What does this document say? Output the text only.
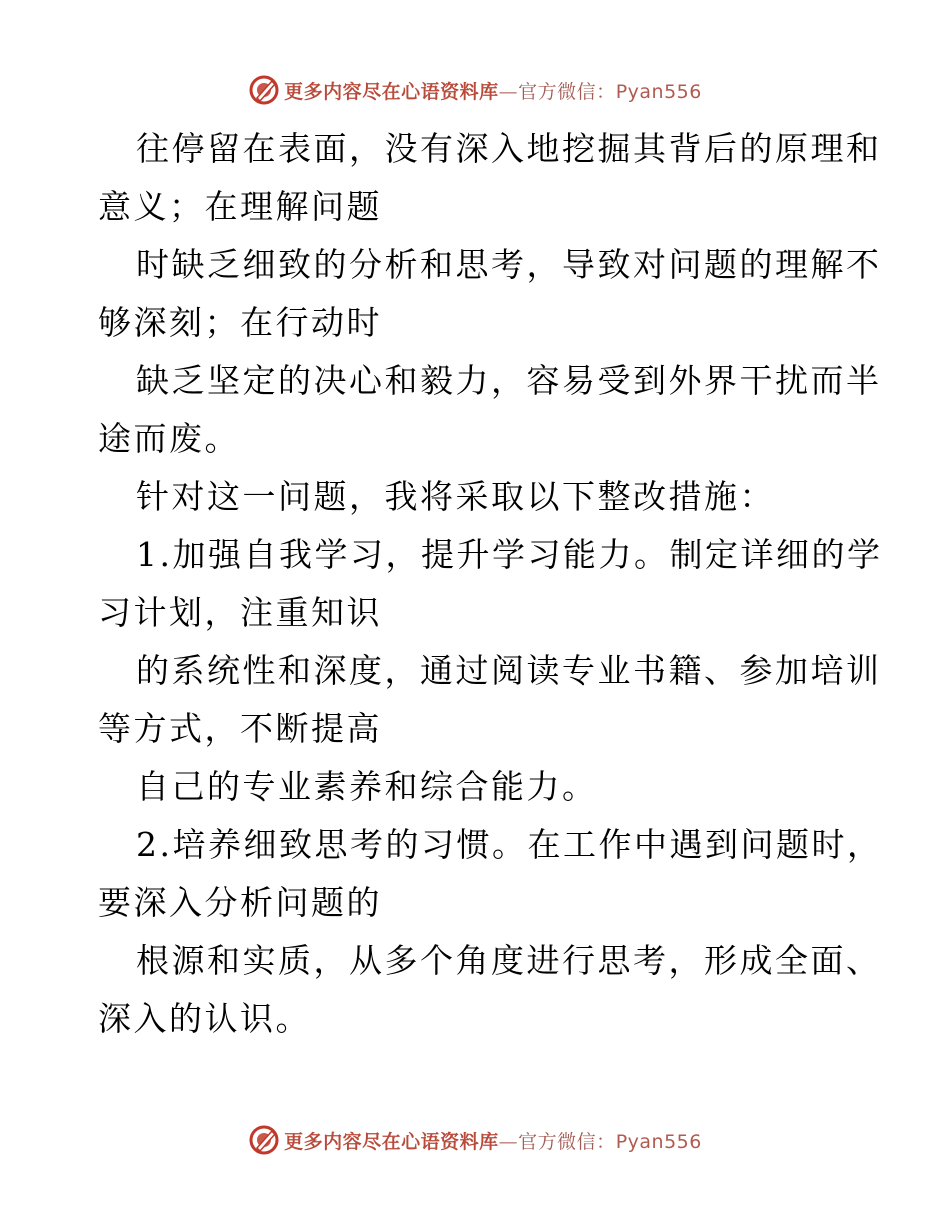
更多内容尽在心语资料库—官方微信：Pyan556
往停留在表面，没有深入地挖掘其背后的原理和
意义；在理解问题
时缺乏细致的分析和思考，导致对问题的理解不
够深刻；在行动时
缺乏坚定的决心和毅力，容易受到外界干扰而半
途而废。
针对这一问题，我将采取以下整改措施：
1.加强自我学习，提升学习能力。制定详细的学
习计划，注重知识
的系统性和深度，通过阅读专业书籍、参加培训
等方式，不断提高
自己的专业素养和综合能力。
2.培养细致思考的习惯。在工作中遇到问题时，
要深入分析问题的
根源和实质，从多个角度进行思考，形成全面、
深入的认识。
更多内容尽在心语资料库—官方微信：Pyan556
